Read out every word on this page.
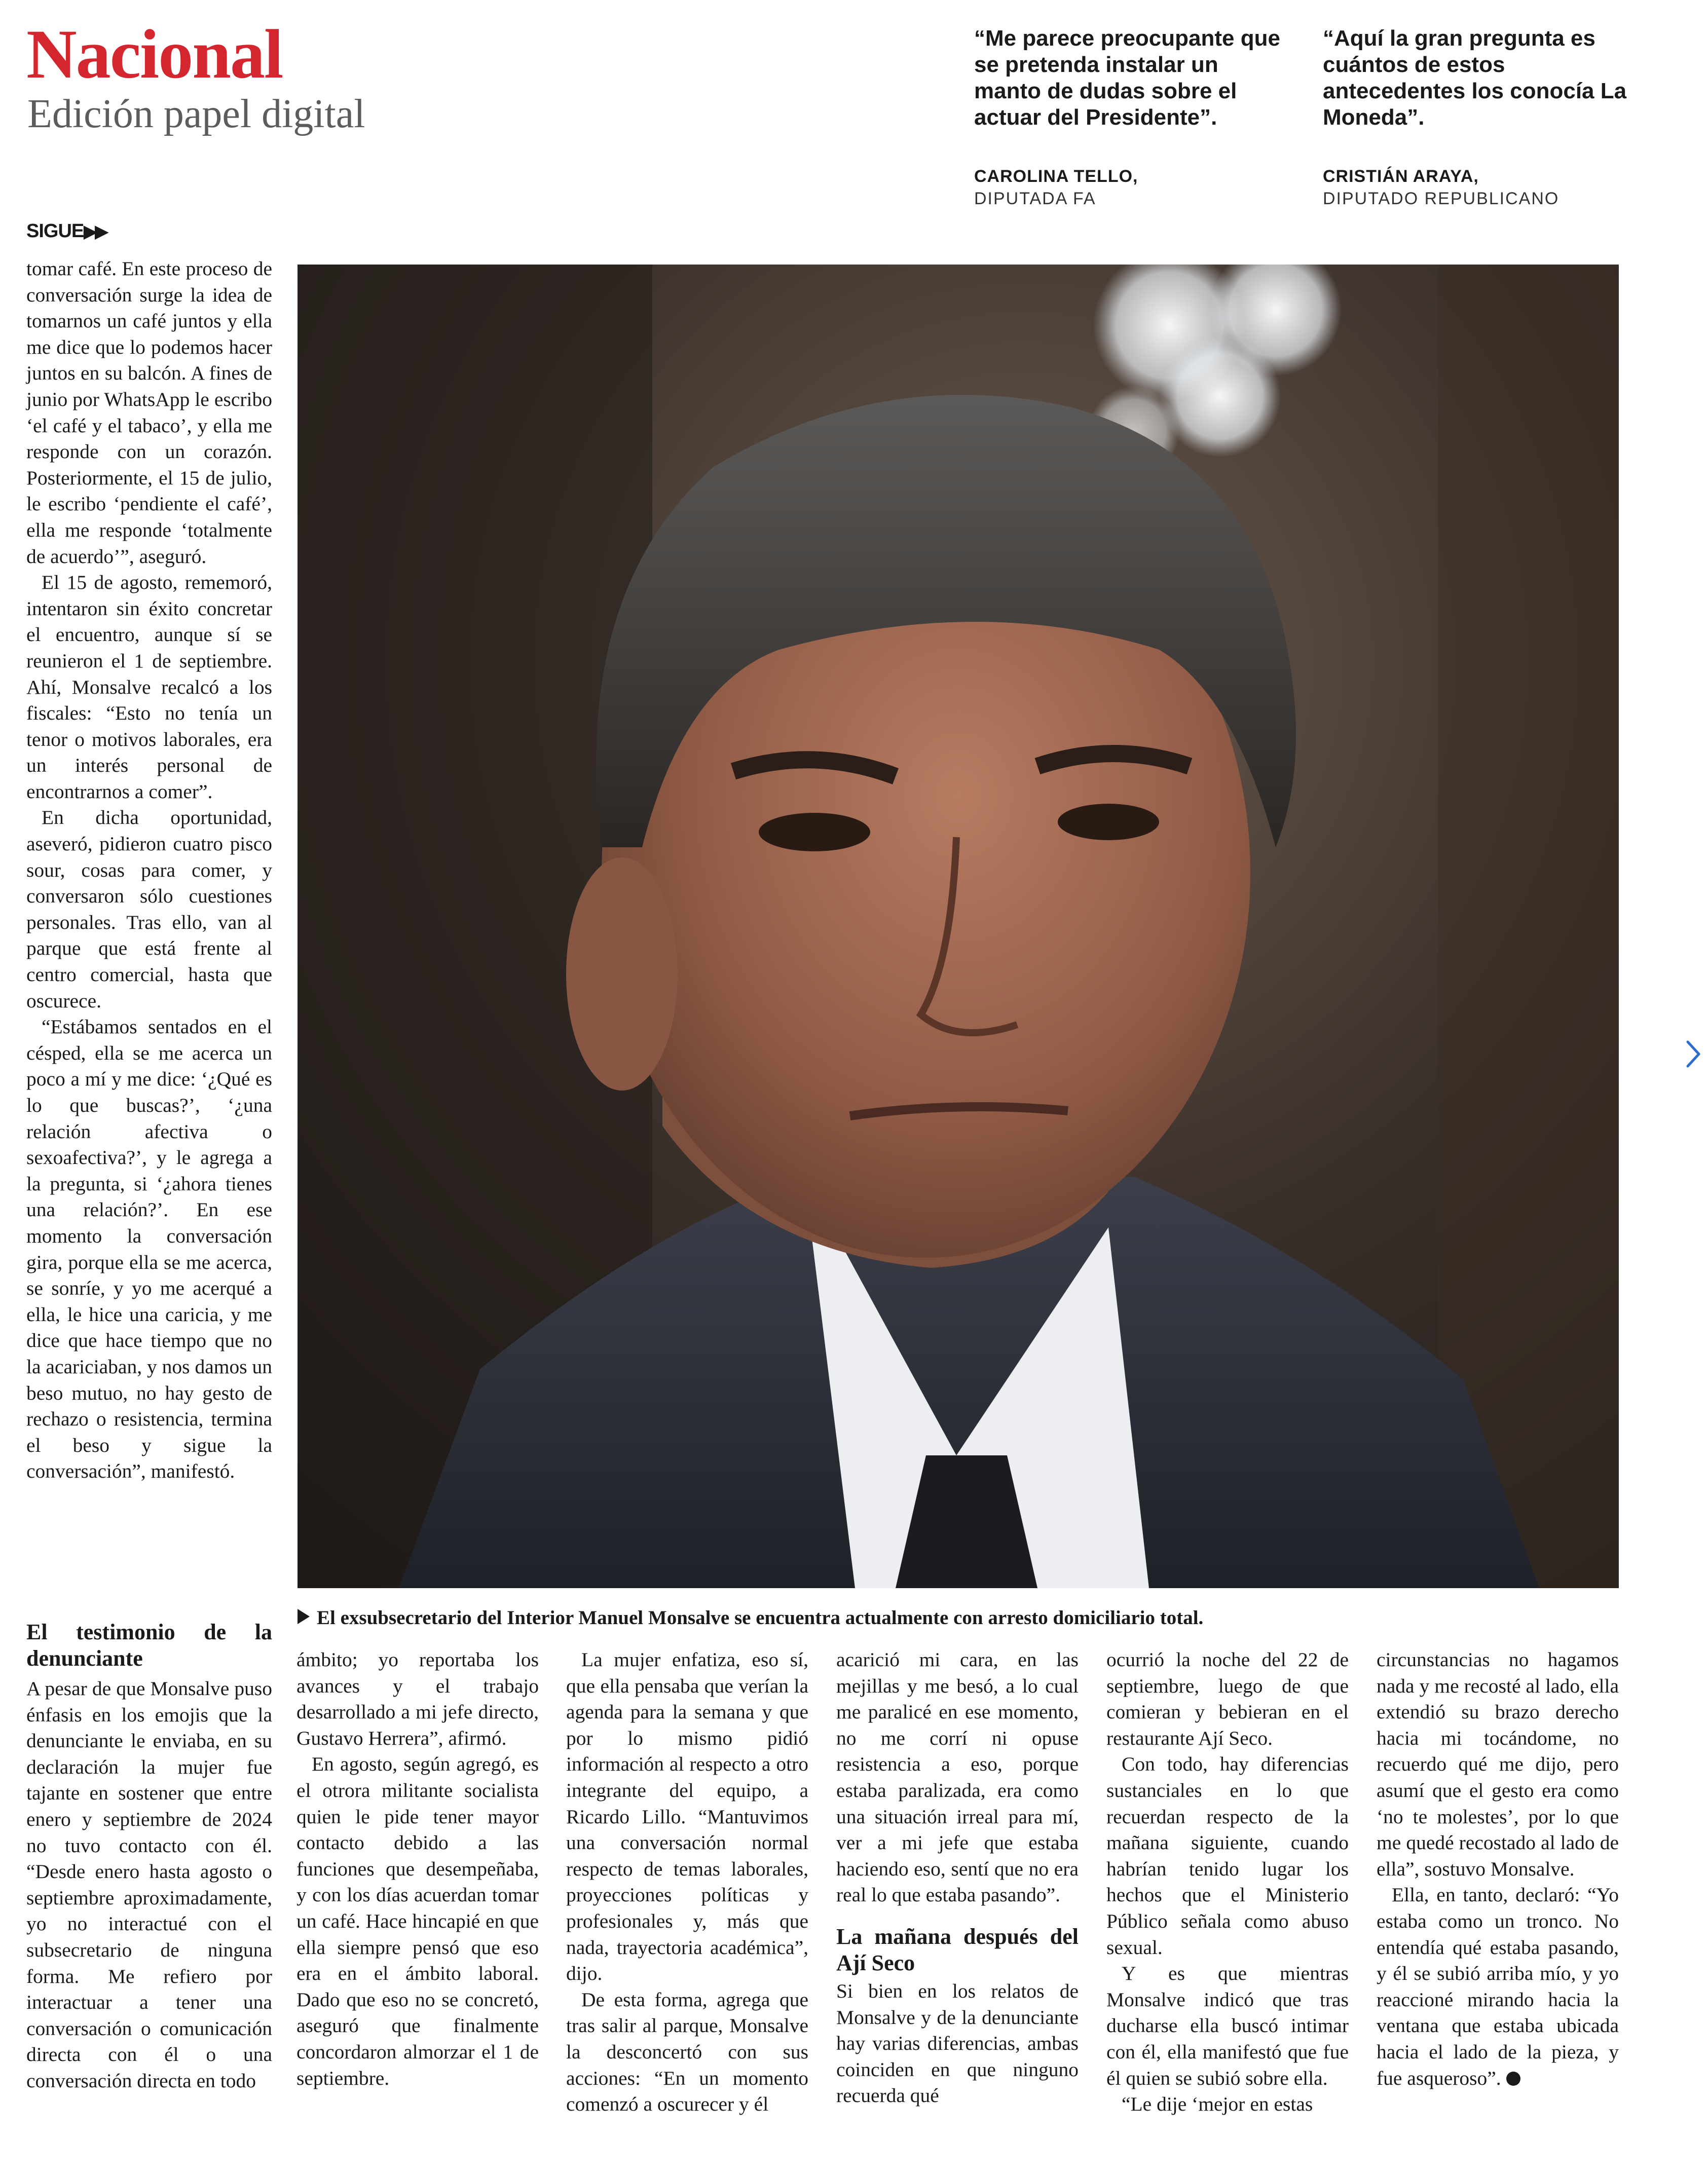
Nacional
Edición papel digital
“Me parece preocupante que se pretenda instalar un manto de dudas sobre el actuar del Presidente”.
CAROLINA TELLO,
DIPUTADA FA
“Aquí la gran pregunta es cuántos de estos antecedentes los conocía La Moneda”.
CRISTIÁN ARAYA,
DIPUTADO REPUBLICANO
SIGUE▶▶

tomar café. En este proceso de conversación surge la idea de tomarnos un café juntos y ella me dice que lo podemos hacer juntos en su balcón. A fines de junio por WhatsApp le escribo ‘el café y el tabaco’, y ella me responde con un corazón. Posteriormente, el 15 de julio, le escribo ‘pendiente el café’, ella me responde ‘totalmente de acuerdo’”, aseguró.

El 15 de agosto, rememoró, intentaron sin éxito concretar el encuentro, aunque sí se reunieron el 1 de septiembre. Ahí, Monsalve recalcó a los fiscales: “Esto no tenía un tenor o motivos laborales, era un interés personal de encontrarnos a comer”.

En dicha oportunidad, aseveró, pidieron cuatro pisco sour, cosas para comer, y conversaron sólo cuestiones personales. Tras ello, van al parque que está frente al centro comercial, hasta que oscurece.

“Estábamos sentados en el césped, ella se me acerca un poco a mí y me dice: ‘¿Qué es lo que buscas?’, ‘¿una relación afectiva o sexoafectiva?’, y le agrega a la pregunta, si ‘¿ahora tienes una relación?’. En ese momento la conversación gira, porque ella se me acerca, se sonríe, y yo me acerqué a ella, le hice una caricia, y me dice que hace tiempo que no la acariciaban, y nos damos un beso mutuo, no hay gesto de rechazo o resistencia, termina el beso y sigue la conversación”, manifestó.

El exsubsecretario del Interior Manuel Monsalve se encuentra actualmente con arresto domiciliario total.
El testimonio de la denunciante

A pesar de que Monsalve puso énfasis en los emojis que la denunciante le enviaba, en su declaración la mujer fue tajante en sostener que entre enero y septiembre de 2024 no tuvo contacto con él. “Desde enero hasta agosto o septiembre aproximadamente, yo no interactué con el subsecretario de ninguna forma. Me refiero por interactuar a tener una conversación o comunicación directa con él o una conversación directa en todo

ámbito; yo reportaba los avances y el trabajo desarrollado a mi jefe directo, Gustavo Herrera”, afirmó.

En agosto, según agregó, es el otrora militante socialista quien le pide tener mayor contacto debido a las funciones que desempeñaba, y con los días acuerdan tomar un café. Hace hincapié en que ella siempre pensó que eso era en el ámbito laboral. Dado que eso no se concretó, aseguró que finalmente concordaron almorzar el 1 de septiembre.

La mujer enfatiza, eso sí, que ella pensaba que verían la agenda para la semana y que por lo mismo pidió información al respecto a otro integrante del equipo, a Ricardo Lillo. “Mantuvimos una conversación normal respecto de temas laborales, proyecciones políticas y profesionales y, más que nada, trayectoria académica”, dijo.

De esta forma, agrega que tras salir al parque, Monsalve la desconcertó con sus acciones: “En un momento comenzó a oscurecer y él

acarició mi cara, en las mejillas y me besó, a lo cual me paralicé en ese momento, no me corrí ni opuse resistencia a eso, porque estaba paralizada, era como una situación irreal para mí, ver a mi jefe que estaba haciendo eso, sentí que no era real lo que estaba pasando”.

La mañana después del Ají Seco

Si bien en los relatos de Monsalve y de la denunciante hay varias diferencias, ambas coinciden en que ninguno recuerda qué

ocurrió la noche del 22 de septiembre, luego de que comieran y bebieran en el restaurante Ají Seco.

Con todo, hay diferencias sustanciales en lo que recuerdan respecto de la mañana siguiente, cuando habrían tenido lugar los hechos que el Ministerio Público señala como abuso sexual.

Y es que mientras Monsalve indicó que tras ducharse ella buscó intimar con él, ella manifestó que fue él quien se subió sobre ella.

“Le dije ‘mejor en estas

circunstancias no hagamos nada y me recosté al lado, ella extendió su brazo derecho hacia mi tocándome, no recuerdo qué me dijo, pero asumí que el gesto era como ‘no te molestes’, por lo que me quedé recostado al lado de ella”, sostuvo Monsalve.

Ella, en tanto, declaró: “Yo estaba como un tronco. No entendía qué estaba pasando, y él se subió arriba mío, y yo reaccioné mirando hacia la ventana que estaba ubicada hacia el lado de la pieza, y fue asqueroso”.
